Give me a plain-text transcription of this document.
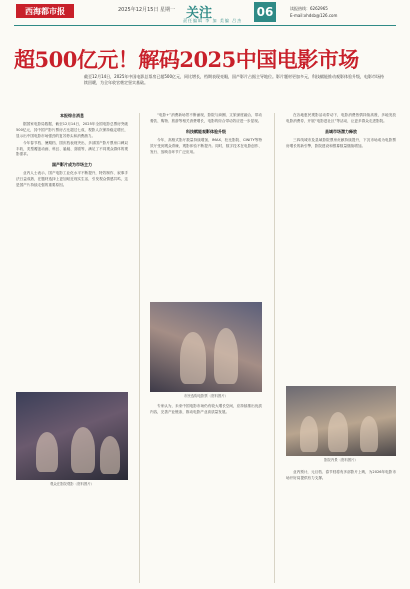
西海都市报	2025年12月15日 星期一 关注
责任编辑 李 加 美编 吕杰
06	读报热线：6262965
E-mail:xhdsb@126.com
超500亿元！解码2025中国电影市场
截至12月14日，2025年中国电影总票房已超500亿元，同比增长，档期表现亮眼，国产影片占据主导地位。影片题材更加多元，科技赋能推动观影体验升级，电影市场持续回暖，为全年收官奠定坚实基础。
本报综合消息

据国家电影局数据，截至12月14日，2025年全国电影总票房突破500亿元，其中国产影片票房占比超过七成，观影人次保持稳定增长，显示出中国电影市场强劲的复苏势头和消费潜力。

今年春节档、暑期档、国庆档表现突出，多部国产影片票房口碑双丰收，类型覆盖动画、科幻、悬疑、喜剧等，满足了不同观众群体的观影需求。

国产影片成为市场主力

业内人士表示，国产电影工业化水平不断提升，特效制作、叙事手法日益成熟，在题材选择上更加贴近现实生活，引发观众情感共鸣，这是国产片持续走强的重要原因。

观众在影院观影（资料图片）

“电影+”消费新场景不断涌现，影院与商圈、文旅深度融合，带动餐饮、购物、旅游等相关消费增长，电影的综合带动效应进一步显现。

科技赋能观影体验升级

今年，高格式影厅数量持续增加，IMAX、杜比影院、CINITY等特效厅受到观众青睐，观影体验不断提升。同时，数字技术在电影创作、发行、放映各环节广泛应用。

市民选购电影票（资料图片）

专家认为，未来中国电影市场仍有较大增长空间，应持续推出优质内容，完善产业链条，推动电影产业高质量发展。

在各地惠民观影活动带动下，电影消费热情持续高涨，多地发放电影消费券，开展“电影进社区”等活动，让更多群众走进影院。

县域市场潜力释放

三四线城市及县域影院票房贡献持续提升，下沉市场成为电影票房增长的新引擎，影院建设和银幕数量继续增加。

影院内景（资料图片）

业内预计，元旦档、春节档将有多部影片上映，为2026年电影市场开好局提供有力支撑。
